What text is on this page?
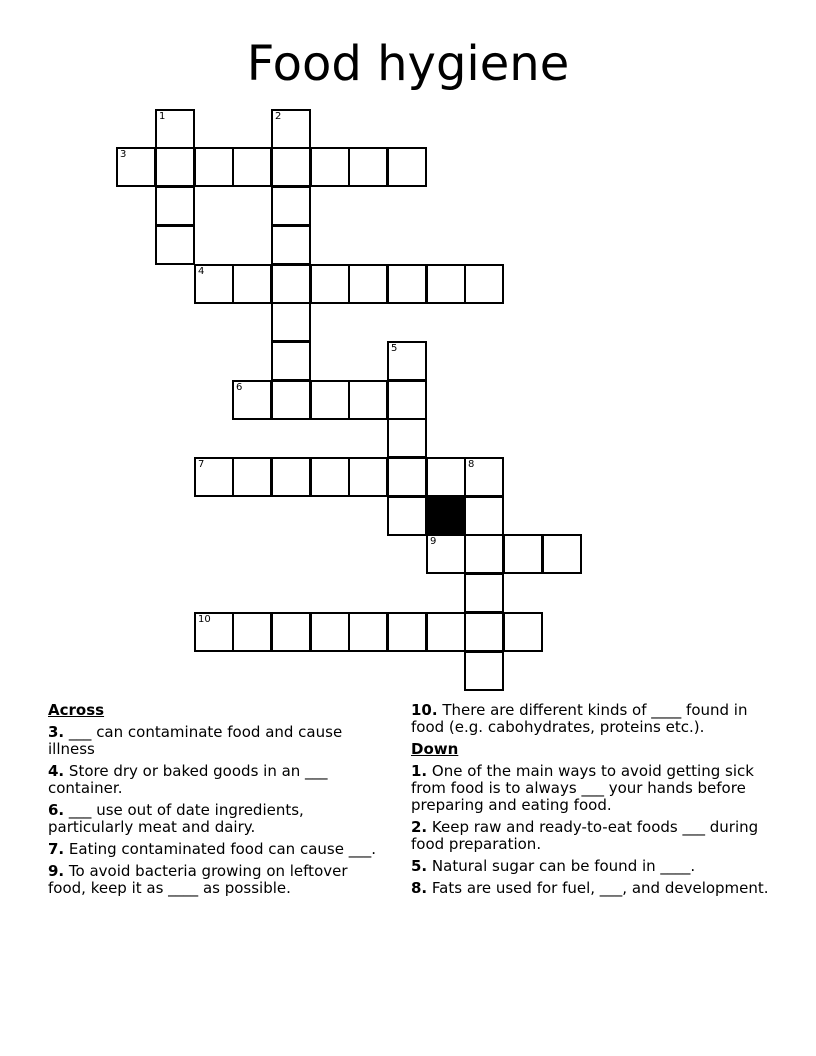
Food hygiene
1	2
3
4
5
6
7	8
9
10
Across
3. ___ can contaminate food and cause illness
4. Store dry or baked goods in an ___ container.
6. ___ use out of date ingredients, particularly meat and dairy.
7. Eating contaminated food can cause ___.
9. To avoid bacteria growing on leftover food, keep it as ____ as possible.
10. There are different kinds of ____ found in food (e.g. cabohydrates, proteins etc.).
Down
1. One of the main ways to avoid getting sick from food is to always ___ your hands before preparing and eating food.
2. Keep raw and ready-to-eat foods ___ during food preparation.
5. Natural sugar can be found in ____.
8. Fats are used for fuel, ___, and development.
